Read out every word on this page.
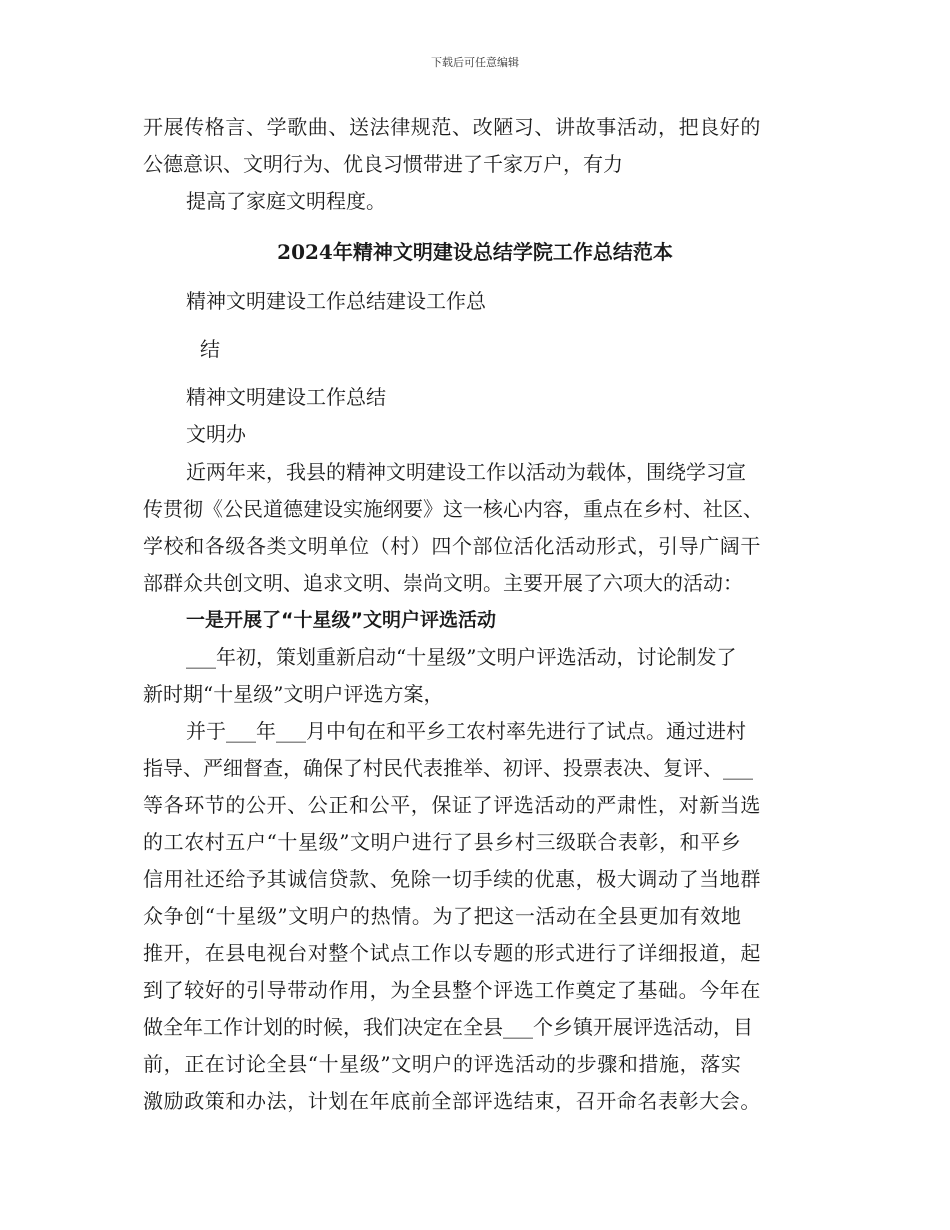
下载后可任意编辑
开展传格言、学歌曲、送法律规范、改陋习、讲故事活动，把良好的
公德意识、文明行为、优良习惯带进了千家万户，有力
提高了家庭文明程度。
2024年精神文明建设总结学院工作总结范本
精神文明建设工作总结建设工作总
结
精神文明建设工作总结
文明办
近两年来，我县的精神文明建设工作以活动为载体，围绕学习宣
传贯彻《公民道德建设实施纲要》这一核心内容，重点在乡村、社区、
学校和各级各类文明单位（村）四个部位活化活动形式，引导广阔干
部群众共创文明、追求文明、崇尚文明。主要开展了六项大的活动：
一是开展了“十星级”文明户评选活动
___年初，策划重新启动“十星级”文明户评选活动，讨论制发了
新时期“十星级”文明户评选方案，
并于___年___月中旬在和平乡工农村率先进行了试点。通过进村
指导、严细督查，确保了村民代表推举、初评、投票表决、复评、___
等各环节的公开、公正和公平，保证了评选活动的严肃性，对新当选
的工农村五户“十星级”文明户进行了县乡村三级联合表彰，和平乡
信用社还给予其诚信贷款、免除一切手续的优惠，极大调动了当地群
众争创“十星级”文明户的热情。为了把这一活动在全县更加有效地
推开，在县电视台对整个试点工作以专题的形式进行了详细报道，起
到了较好的引导带动作用，为全县整个评选工作奠定了基础。今年在
做全年工作计划的时候，我们决定在全县___个乡镇开展评选活动，目
前，正在讨论全县“十星级”文明户的评选活动的步骤和措施，落实
激励政策和办法，计划在年底前全部评选结束，召开命名表彰大会。
